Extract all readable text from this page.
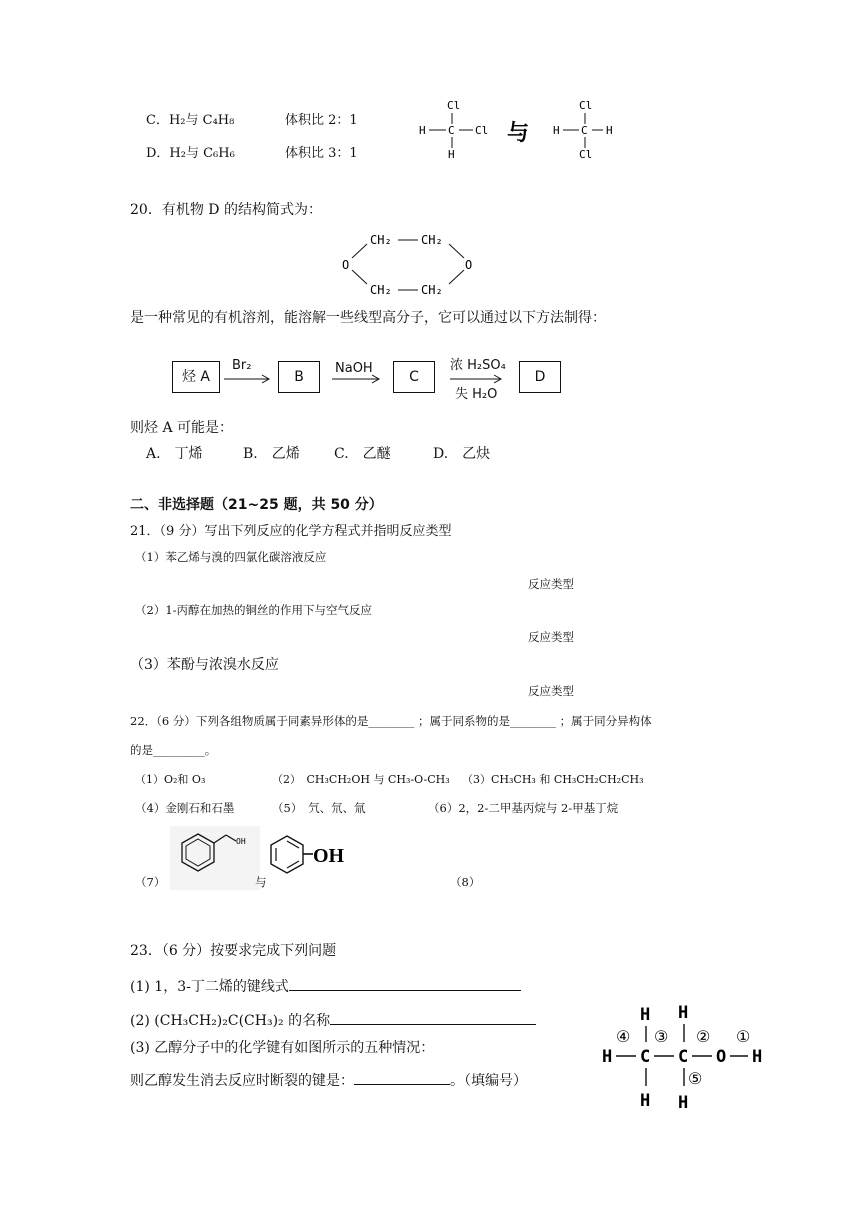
C．H₂与 C₄H₈	体积比 2：1
D．H₂与 C₆H₆	体积比 3：1
Cl
H C Cl
H
与
Cl
H C H
Cl
20．有机物 D 的结构简式为：
CH₂ CH₂
O	O
CH₂ CH₂
是一种常见的有机溶剂，能溶解一些线型高分子，它可以通过以下方法制得：
烃 A
Br₂
B
NaOH
C
浓 H₂SO₄
失 H₂O
D
则烃 A 可能是：
A.　丁烯	B.　乙烯 C.　乙醚	D.　乙炔
二、非选择题（21~25 题，共 50 分）
21．（9 分）写出下列反应的化学方程式并指明反应类型
（1）苯乙烯与溴的四氯化碳溶液反应
反应类型
（2）1-丙醇在加热的铜丝的作用下与空气反应
反应类型
（3）苯酚与浓溴水反应
反应类型
22．（6 分）下列各组物质属于同素异形体的是________ ；属于同系物的是________ ；属于同分异构体
的是_________。
（1）O₂和 O₃	（2）　CH₃CH₂OH 与 CH₃-O-CH₃ （3）CH₃CH₃ 和 CH₃CH₂CH₂CH₃
（4）金刚石和石墨	（5）　氕、氘、氚	（6）2，2-二甲基丙烷与 2-甲基丁烷
（7）
OH
与
OH
（8）
23．（6 分）按要求完成下列问题
(1) 1，3-丁二烯的键线式
(2) (CH₃CH₂)₂C(CH₃)₂ 的名称
(3) 乙醇分子中的化学键有如图所示的五种情况：
则乙醇发生消去反应时断裂的键是：	。（填编号）
H H
④ ③ ② ①
H C C O H
⑤
H H
